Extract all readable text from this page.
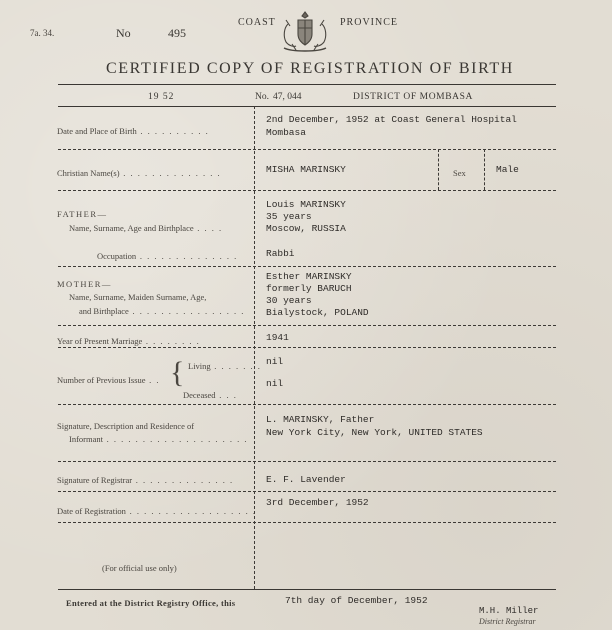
7a. 34.	No	495
COAST	PROVINCE
CERTIFIED COPY OF REGISTRATION OF BIRTH
19 52	No. 47, 044	DISTRICT OF MOMBASA
Date and Place of Birth . . . . . . . . . .
2nd December, 1952 at Coast General Hospital
Mombasa
Christian Name(s) . . . . . . . . . . . . . .	MISHA MARINSKY	Sex	Male
FATHER—
Name, Surname, Age and Birthplace . . . .
Louis MARINSKY
35 years
Moscow, RUSSIA
Occupation . . . . . . . . . . . . . .	Rabbi
MOTHER—
Name, Surname, Maiden Surname, Age,
and Birthplace . . . . . . . . . . . . . . . .
Esther MARINSKY
formerly BARUCH
30 years
Bialystock, POLAND
Year of Present Marriage . . . . . . . .	1941
Number of Previous Issue . . { Living . . . . . . .
Deceased . . .
nil
nil
Signature, Description and Residence of
Informant . . . . . . . . . . . . . . . . . . . .
L. MARINSKY, Father
New York City, New York, UNITED STATES
Signature of Registrar . . . . . . . . . . . . . .	E. F. Lavender
Date of Registration . . . . . . . . . . . . . . . . . .
3rd December, 1952
(For official use only)
Entered at the District Registry Office, this	7th day of December, 1952
M.H. Miller
District Registrar
